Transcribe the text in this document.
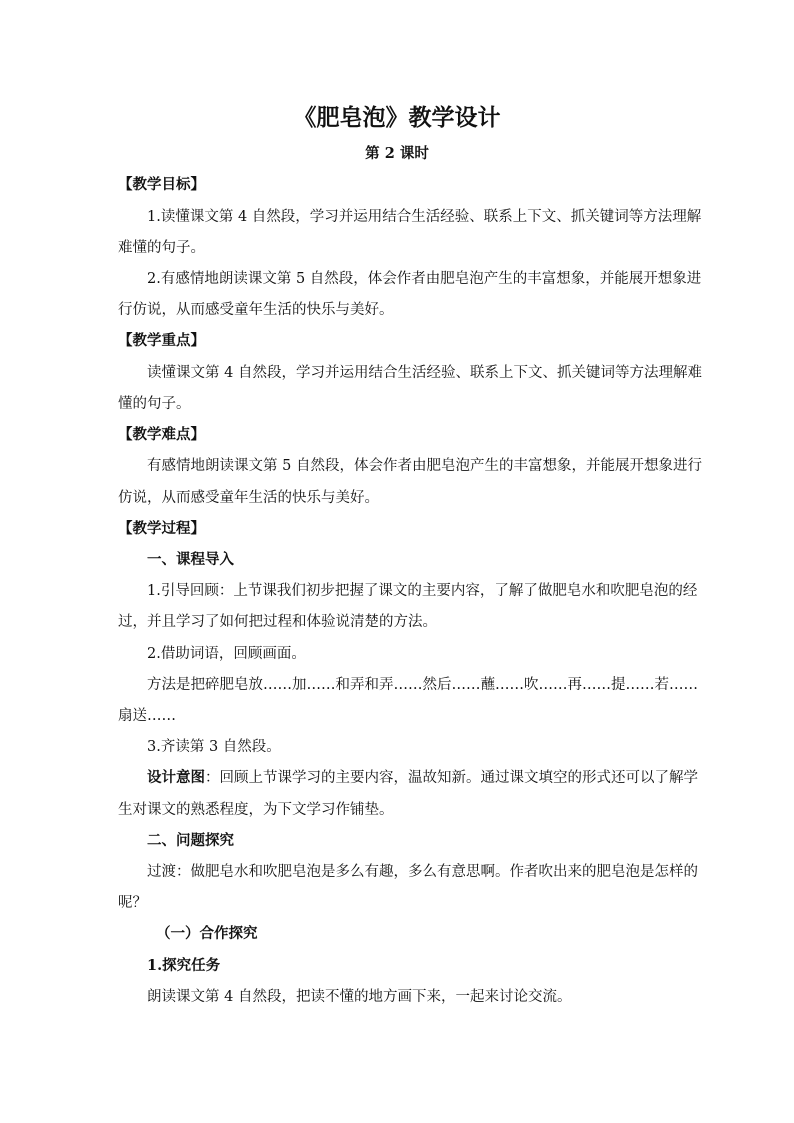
《肥皂泡》教学设计
第 2 课时
【教学目标】
1.读懂课文第 4 自然段，学习并运用结合生活经验、联系上下文、抓关键词等方法理解
难懂的句子。
2.有感情地朗读课文第 5 自然段，体会作者由肥皂泡产生的丰富想象，并能展开想象进
行仿说，从而感受童年生活的快乐与美好。
【教学重点】
读懂课文第 4 自然段，学习并运用结合生活经验、联系上下文、抓关键词等方法理解难
懂的句子。
【教学难点】
有感情地朗读课文第 5 自然段，体会作者由肥皂泡产生的丰富想象，并能展开想象进行
仿说，从而感受童年生活的快乐与美好。
【教学过程】
一、课程导入
1.引导回顾：上节课我们初步把握了课文的主要内容，了解了做肥皂水和吹肥皂泡的经
过，并且学习了如何把过程和体验说清楚的方法。
2.借助词语，回顾画面。
方法是把碎肥皂放……加……和弄和弄……然后……蘸……吹……再……提……若……
扇送……
3.齐读第 3 自然段。
设计意图：回顾上节课学习的主要内容，温故知新。通过课文填空的形式还可以了解学
生对课文的熟悉程度，为下文学习作铺垫。
二、问题探究
过渡：做肥皂水和吹肥皂泡是多么有趣，多么有意思啊。作者吹出来的肥皂泡是怎样的
呢？
（一）合作探究
1.探究任务
朗读课文第 4 自然段，把读不懂的地方画下来，一起来讨论交流。
